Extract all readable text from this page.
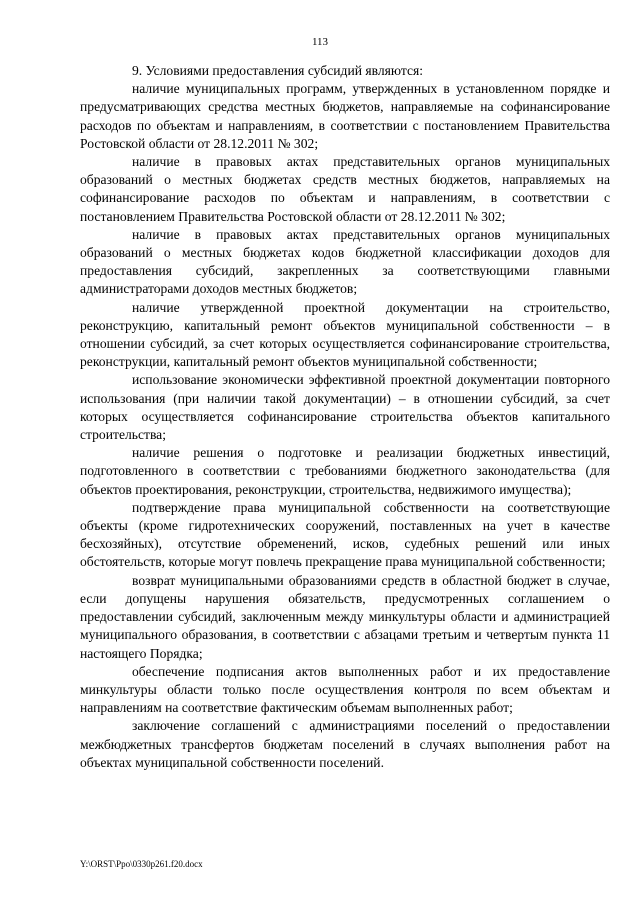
113

9. Условиями предоставления субсидий являются:

наличие муниципальных программ, утвержденных в установленном порядке и предусматривающих средства местных бюджетов, направляемые на софинансирование расходов по объектам и направлениям, в соответствии с постановлением Правительства Ростовской области от 28.12.2011 № 302;

наличие в правовых актах представительных органов муниципальных образований о местных бюджетах средств местных бюджетов, направляемых на софинансирование расходов по объектам и направлениям, в соответствии с постановлением Правительства Ростовской области от 28.12.2011 № 302;

наличие в правовых актах представительных органов муниципальных образований о местных бюджетах кодов бюджетной классификации доходов для предоставления субсидий, закрепленных за соответствующими главными администраторами доходов местных бюджетов;

наличие утвержденной проектной документации на строительство, реконструкцию, капитальный ремонт объектов муниципальной собственности – в отношении субсидий, за счет которых осуществляется софинансирование строительства, реконструкции, капитальный ремонт объектов муниципальной собственности;

использование экономически эффективной проектной документации повторного использования (при наличии такой документации) – в отношении субсидий, за счет которых осуществляется софинансирование строительства объектов капитального строительства;

наличие решения о подготовке и реализации бюджетных инвестиций, подготовленного в соответствии с требованиями бюджетного законодательства (для объектов проектирования, реконструкции, строительства, недвижимого имущества);

подтверждение права муниципальной собственности на соответствующие объекты (кроме гидротехнических сооружений, поставленных на учет в качестве бесхозяйных), отсутствие обременений, исков, судебных решений или иных обстоятельств, которые могут повлечь прекращение права муниципальной собственности;

возврат муниципальными образованиями средств в областной бюджет в случае, если допущены нарушения обязательств, предусмотренных соглашением о предоставлении субсидий, заключенным между минкультуры области и администрацией муниципального образования, в соответствии с абзацами третьим и четвертым пункта 11 настоящего Порядка;

обеспечение подписания актов выполненных работ и их предоставление минкультуры области только после осуществления контроля по всем объектам и направлениям на соответствие фактическим объемам выполненных работ;

заключение соглашений с администрациями поселений о предоставлении межбюджетных трансфертов бюджетам поселений в случаях выполнения работ на объектах муниципальной собственности поселений.

Y:\ORST\Ppo\0330p261.f20.docx
